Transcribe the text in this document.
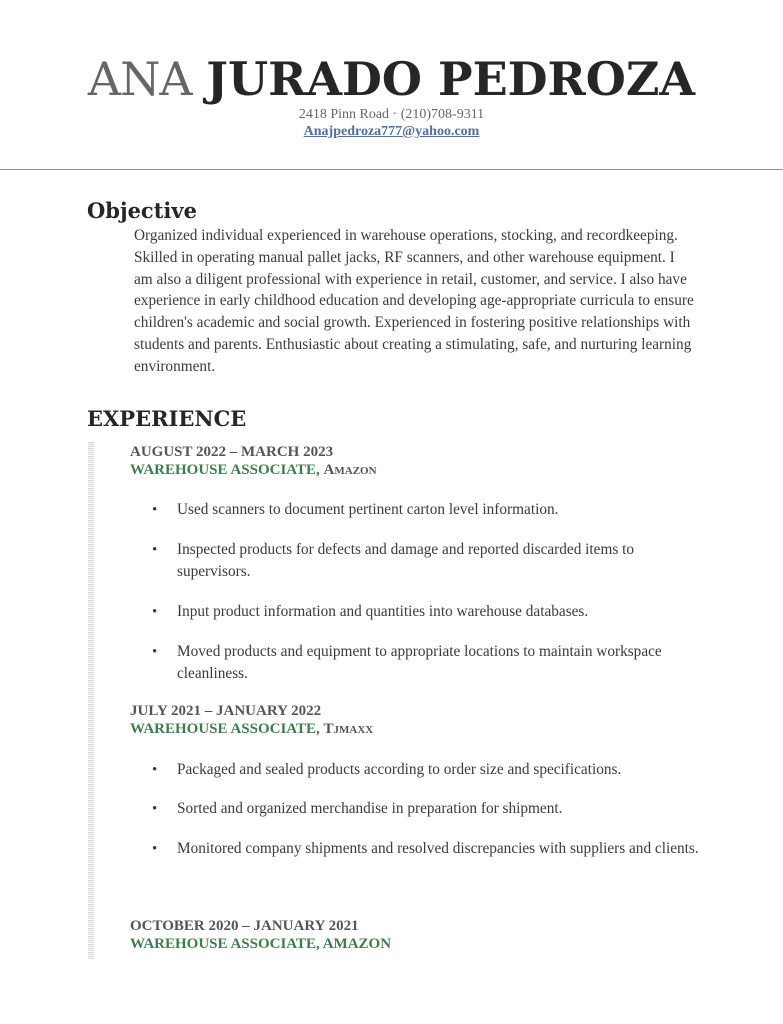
ANA JURADO PEDROZA
2418 Pinn Road · (210)708-9311
Anajpedroza777@yahoo.com
Objective

Organized individual experienced in warehouse operations, stocking, and recordkeeping. Skilled in operating manual pallet jacks, RF scanners, and other warehouse equipment. I am also a diligent professional with experience in retail, customer, and service. I also have experience in early childhood education and developing age-appropriate curricula to ensure children's academic and social growth. Experienced in fostering positive relationships with students and parents. Enthusiastic about creating a stimulating, safe, and nurturing learning environment.

EXPERIENCE
AUGUST 2022 – MARCH 2023
WAREHOUSE ASSOCIATE, Amazon
• Used scanners to document pertinent carton level information.

• Inspected products for defects and damage and reported discarded items to supervisors.

• Input product information and quantities into warehouse databases.

• Moved products and equipment to appropriate locations to maintain workspace cleanliness.

JULY 2021 – JANUARY 2022
WAREHOUSE ASSOCIATE, Tjmaxx
• Packaged and sealed products according to order size and specifications.

• Sorted and organized merchandise in preparation for shipment.

• Monitored company shipments and resolved discrepancies with suppliers and clients.

OCTOBER 2020 – JANUARY 2021
WAREHOUSE ASSOCIATE, AMAZON
